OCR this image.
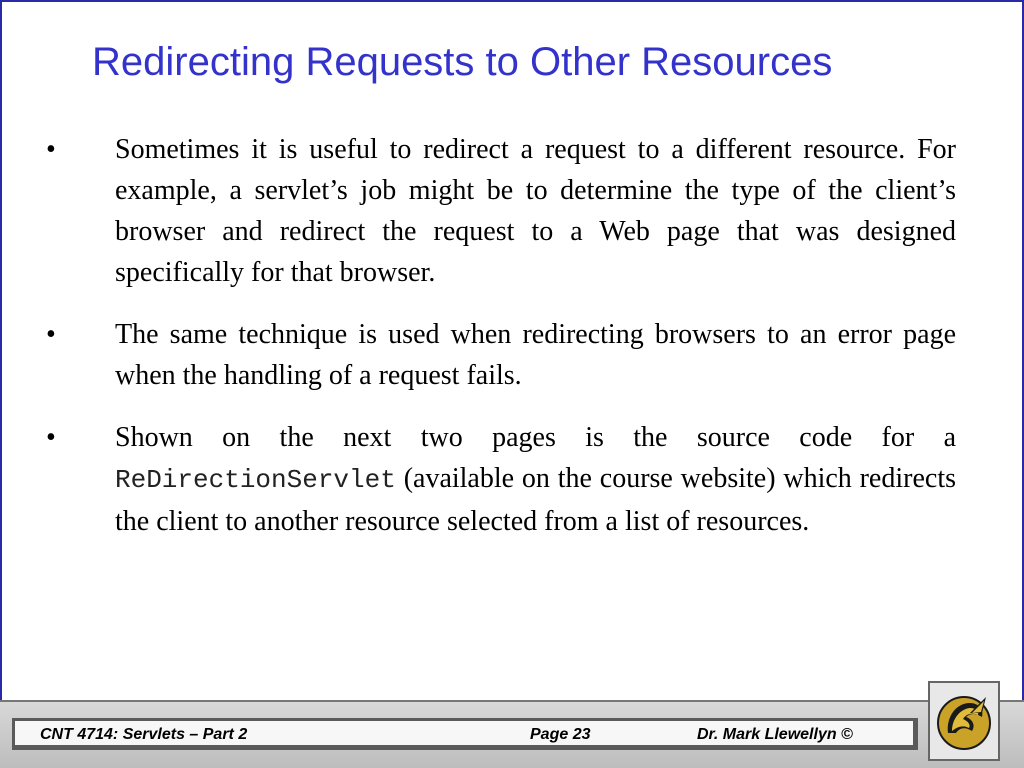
Redirecting Requests to Other Resources
•	Sometimes it is useful to redirect a request to a different resource. For example, a servlet’s job might be to determine the type of the client’s browser and redirect the request to a Web page that was designed specifically for that browser.
•	The same technique is used when redirecting browsers to an error page when the handling of a request fails.
•	Shown on the next two pages is the source code for a ReDirectionServlet (available on the course website) which redirects the client to another resource selected from a list of resources.
CNT 4714: Servlets – Part 2	Page 23	Dr. Mark Llewellyn ©
